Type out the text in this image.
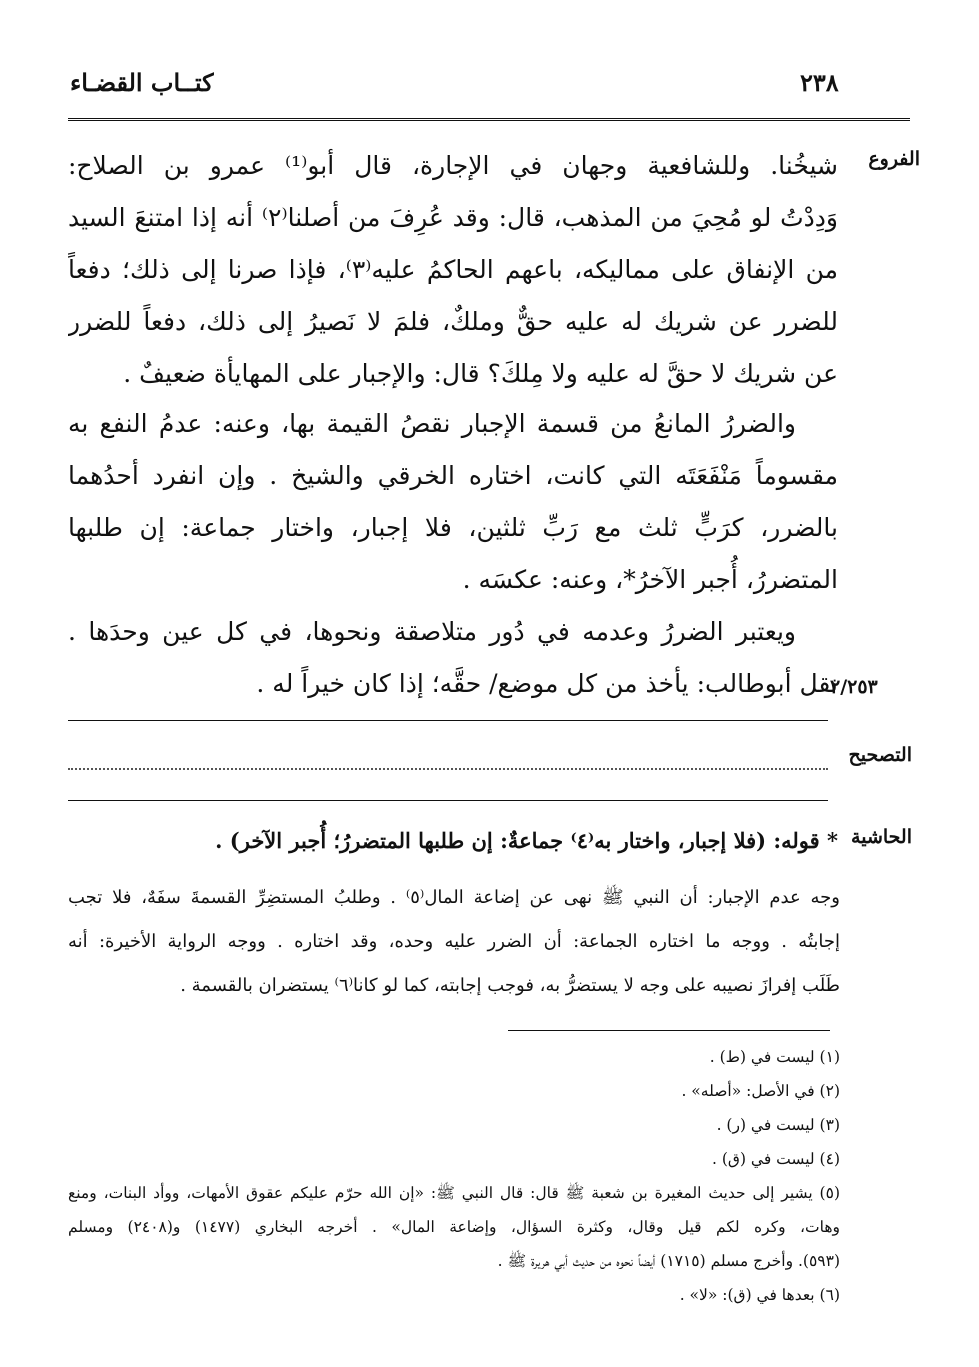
كتــاب القضـاء	٢٣٨
الفروع
٢/٢٥٣
التصحيح
الحاشية
شيخُنا. وللشافعية وجهان في الإجارة، قال أبو⁽¹⁾ عمرو بن الصلاح:
وَدِدْتُ لو مُحِيَ من المذهب، قال: وقد عُرِفَ من أصلنا⁽٢⁾ أنه إذا امتنعَ السيد
من الإنفاق على مماليكه، باعهم الحاكمُ عليه⁽٣⁾، فإذا صرنا إلى ذلك؛ دفعاً
للضرر عن شريك له عليه حقٌّ وملكٌ، فلمَ لا نَصيرُ إلى ذلك، دفعاً للضرر
عن شريك لا حقَّ له عليه ولا مِلكَ؟ قال: والإجبار على المهايأة ضعيفٌ .
والضررُ المانعُ من قسمة الإجبار نقصُ القيمة بها، وعنه: عدمُ النفع به
مقسوماً مَنْفَعَتَه التي كانت، اختاره الخرقي والشيخ . وإن انفرد أحدُهما
بالضرر، كرَبٍّ ثلث مع رَبِّ ثلثين، فلا إجبار، واختار جماعة: إن طلبها
المتضررُ، أُجبر الآخرُ*، وعنه: عكسَه .
ويعتبر الضررُ وعدمه في دُور متلاصقة ونحوها، في كل عين وحدَها .
نقل أبوطالب: يأخذ من كل موضع/ حقَّه؛ إذا كان خيراً له .
* قوله: (فلا إجبار، واختار به⁽٤⁾ جماعةٌ: إن طلبها المتضررُ؛ أُجبر الآخر) .
وجه عدم الإجبار: أن النبي ﷺ نهى عن إضاعة المال⁽٥⁾ . وطلبُ المستضِرِّ القسمةَ سفَهٌ، فلا تجب
إجابتُه . ووجه ما اختاره الجماعة: أن الضرر عليه وحده، وقد اختاره . ووجه الرواية الأخيرة: أنه
طَلَب إفرازَ نصيبه على وجه لا يستضرُّ به، فوجب إجابته، كما لو كانا⁽٦⁾ يستضران بالقسمة .
(١) ليست في (ط) .
(٢) في الأصل: «أصله» .
(٣) ليست في (ر) .
(٤) ليست في (ق) .
(٥) يشير إلى حديث المغيرة بن شعبة ﷺ قال: قال النبي ﷺ: «إن الله حرّم عليكم عقوق الأمهات، ووأد البنات، ومنع
وهات، وكره لكم قيل وقال، وكثرة السؤال، وإضاعة المال» . أخرجه البخاري (١٤٧٧) و(٢٤٠٨) ومسلم
(٥٩٣). وأخرج مسلم (١٧١٥) أيضاً نحوه من حديث أبي هريرة ﷺ .
(٦) بعدها في (ق): «لا» .
